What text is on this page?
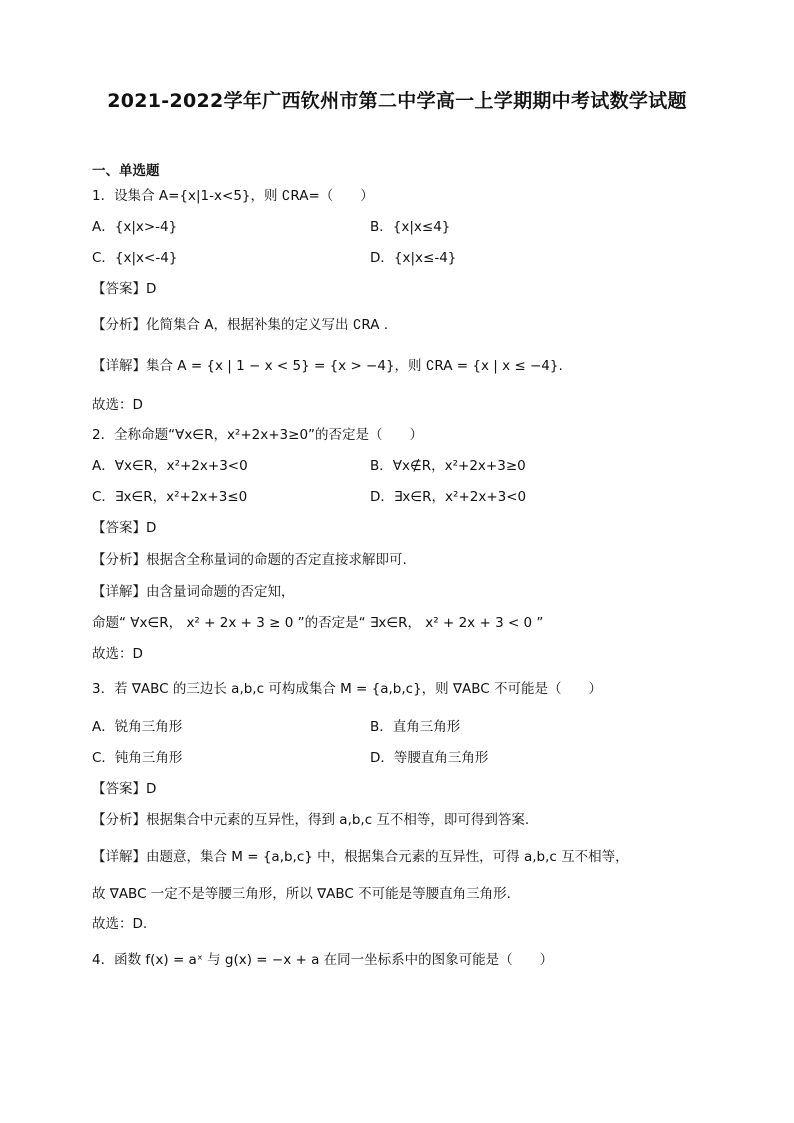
2021-2022学年广西钦州市第二中学高一上学期期中考试数学试题
一、单选题
1．设集合 A={x|1-x<5}，则 ∁RA=（　　）
A．{x|x>-4}	B．{x|x≤4}
C．{x|x<-4}	D．{x|x≤-4}
【答案】D
【分析】化简集合 A，根据补集的定义写出 ∁RA .
【详解】集合 A = {x | 1 − x < 5} = {x > −4}，则 ∁RA = {x | x ≤ −4}.
故选：D
2．全称命题“∀x∈R，x²+2x+3≥0”的否定是（　　）
A．∀x∈R，x²+2x+3<0	B．∀x∉R，x²+2x+3≥0
C．∃x∈R，x²+2x+3≤0	D．∃x∈R，x²+2x+3<0
【答案】D
【分析】根据含全称量词的命题的否定直接求解即可.
【详解】由含量词命题的否定知，
命题“ ∀x∈R， x² + 2x + 3 ≥ 0 ”的否定是“ ∃x∈R， x² + 2x + 3 < 0 ”
故选：D
3．若 ∇ABC 的三边长 a,b,c 可构成集合 M = {a,b,c}，则 ∇ABC 不可能是（　　）
A．锐角三角形	B．直角三角形
C．钝角三角形	D．等腰直角三角形
【答案】D
【分析】根据集合中元素的互异性，得到 a,b,c 互不相等，即可得到答案.
【详解】由题意，集合 M = {a,b,c} 中，根据集合元素的互异性，可得 a,b,c 互不相等，
故 ∇ABC 一定不是等腰三角形，所以 ∇ABC 不可能是等腰直角三角形.
故选：D.
4．函数 f(x) = aˣ 与 g(x) = −x + a 在同一坐标系中的图象可能是（　　）
